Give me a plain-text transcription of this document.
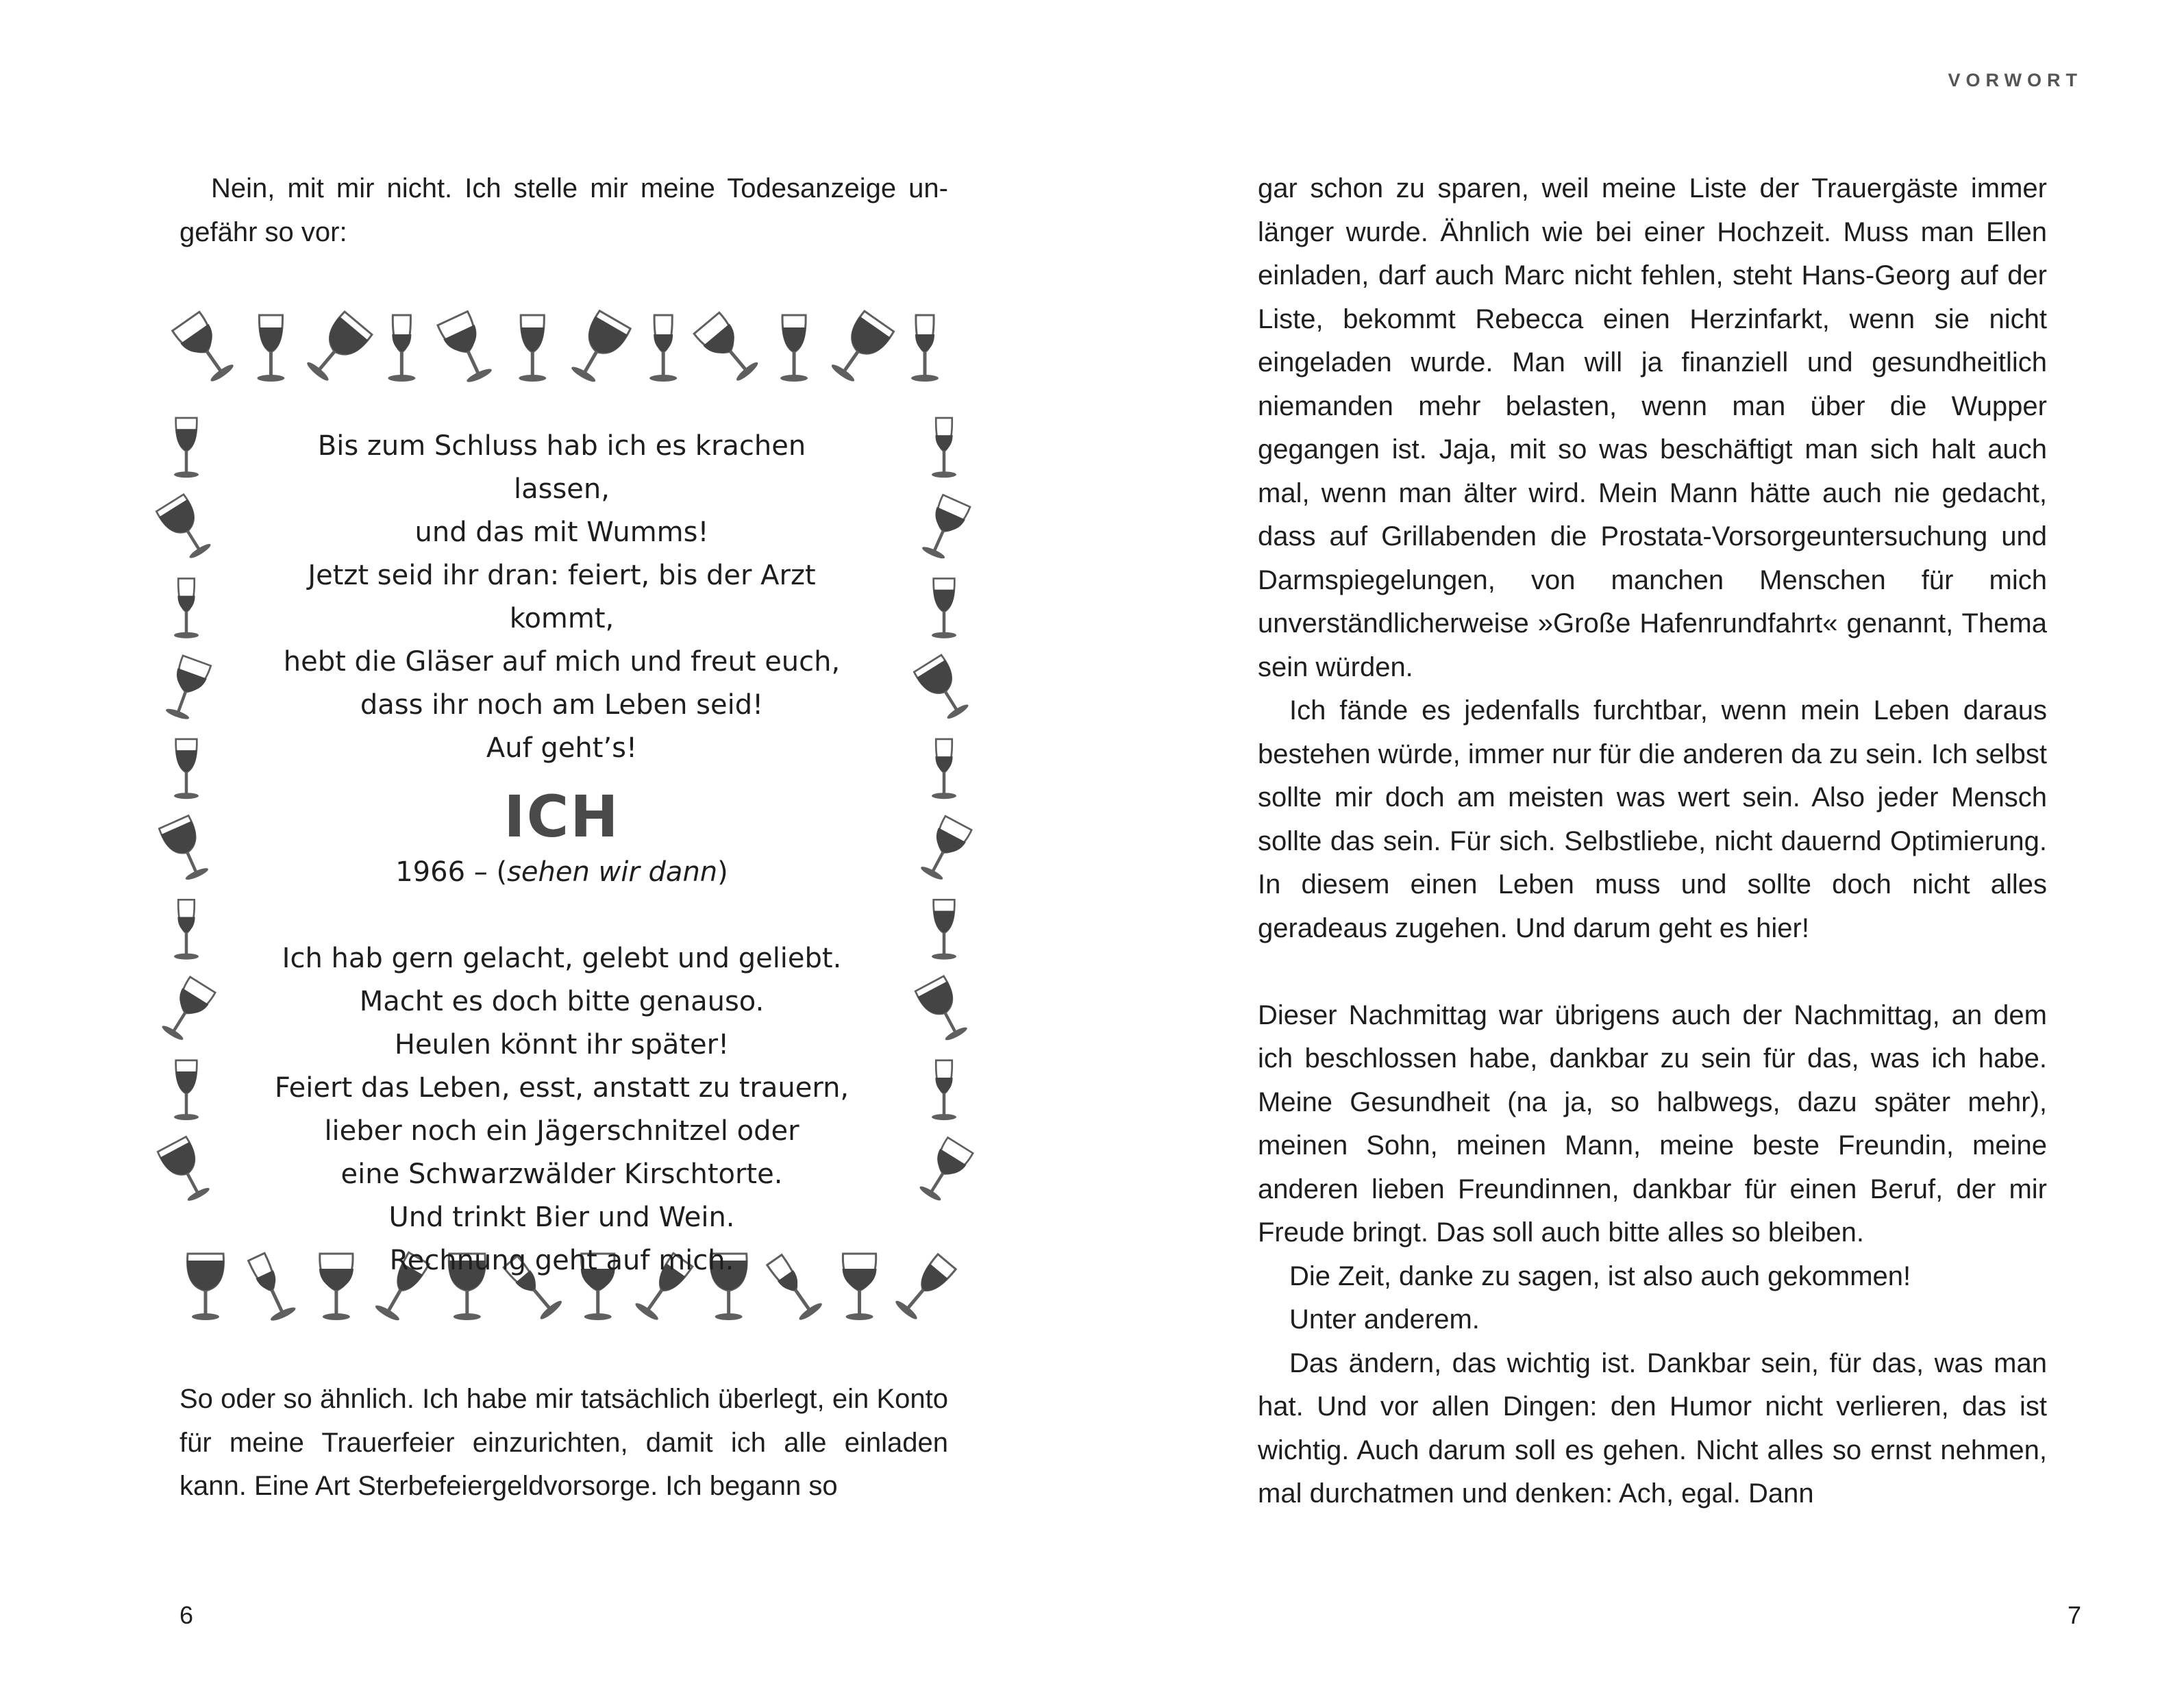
Nein, mit mir nicht. Ich stelle mir meine Todesanzeige ungefähr so vor:

Bis zum Schluss hab ich es krachen lassen,
und das mit Wumms!
Jetzt seid ihr dran: feiert, bis der Arzt kommt,
hebt die Gläser auf mich und freut euch,
dass ihr noch am Leben seid!
Auf geht’s!
ICH
1966 – (sehen wir dann)
Ich hab gern gelacht, gelebt und geliebt.
Macht es doch bitte genauso.
Heulen könnt ihr später!
Feiert das Leben, esst, anstatt zu trauern,
lieber noch ein Jägerschnitzel oder
eine Schwarzwälder Kirschtorte.
Und trinkt Bier und Wein.
Rechnung geht auf mich.

So oder so ähnlich. Ich habe mir tatsächlich überlegt, ein Konto für meine Trauerfeier einzurichten, damit ich alle einladen kann. Eine Art Sterbefeiergeldvorsorge. Ich begann so

6
VORWORT

gar schon zu sparen, weil meine Liste der Trauergäste immer länger wurde. Ähnlich wie bei einer Hochzeit. Muss man Ellen einladen, darf auch Marc nicht fehlen, steht Hans-Georg auf der Liste, bekommt Rebecca einen Herzinfarkt, wenn sie nicht eingeladen wurde. Man will ja finanziell und gesundheitlich niemanden mehr belasten, wenn man über die Wupper gegangen ist. Jaja, mit so was beschäftigt man sich halt auch mal, wenn man älter wird. Mein Mann hätte auch nie gedacht, dass auf Grillabenden die Prostata-Vorsorgeuntersuchung und Darmspiegelungen, von manchen Menschen für mich unverständlicherweise »Große Hafenrundfahrt« genannt, Thema sein würden.

Ich fände es jedenfalls furchtbar, wenn mein Leben daraus bestehen würde, immer nur für die anderen da zu sein. Ich selbst sollte mir doch am meisten was wert sein. Also jeder Mensch sollte das sein. Für sich. Selbstliebe, nicht dauernd Optimierung. In diesem einen Leben muss und sollte doch nicht alles geradeaus zugehen. Und darum geht es hier!

Dieser Nachmittag war übrigens auch der Nachmittag, an dem ich beschlossen habe, dankbar zu sein für das, was ich habe. Meine Gesundheit (na ja, so halbwegs, dazu später mehr), meinen Sohn, meinen Mann, meine beste Freundin, meine anderen lieben Freundinnen, dankbar für einen Beruf, der mir Freude bringt. Das soll auch bitte alles so bleiben.

Die Zeit, danke zu sagen, ist also auch gekommen!

Unter anderem.

Das ändern, das wichtig ist. Dankbar sein, für das, was man hat. Und vor allen Dingen: den Humor nicht verlieren, das ist wichtig. Auch darum soll es gehen. Nicht alles so ernst nehmen, mal durchatmen und denken: Ach, egal. Dann

7
